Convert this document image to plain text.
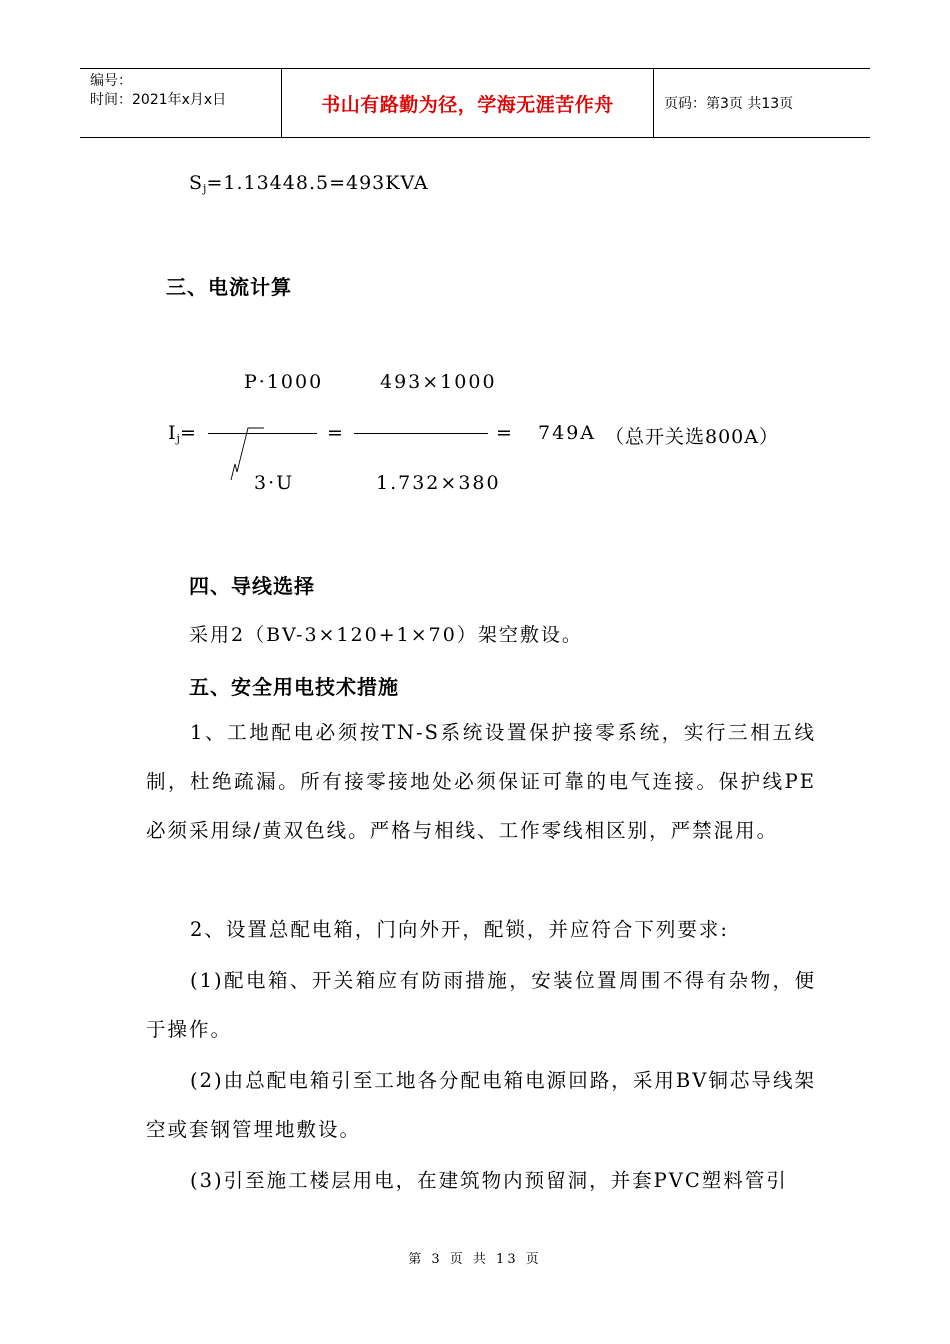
编号：
时间：2021年x月x日	书山有路勤为径，学海无涯苦作舟	页码：第3页 共13页
$S_j=1.13448.5=493KVA$
三、电流计算
P·1000	493×1000
$I_j=$	=	=   749A （总开关选800A）
3·U	1.732×380
四、导线选择
采用2（BV-3×120+1×70）架空敷设。
五、安全用电技术措施
1、工地配电必须按TN-S系统设置保护接零系统，实行三相五线制，杜绝疏漏。所有接零接地处必须保证可靠的电气连接。保护线PE必须采用绿/黄双色线。严格与相线、工作零线相区别，严禁混用。
2、设置总配电箱，门向外开，配锁，并应符合下列要求:
(1)配电箱、开关箱应有防雨措施，安装位置周围不得有杂物，便于操作。
(2)由总配电箱引至工地各分配电箱电源回路，采用BV铜芯导线架空或套钢管埋地敷设。
(3)引至施工楼层用电，在建筑物内预留洞，并套PVC塑料管引
第 3 页 共 13 页
